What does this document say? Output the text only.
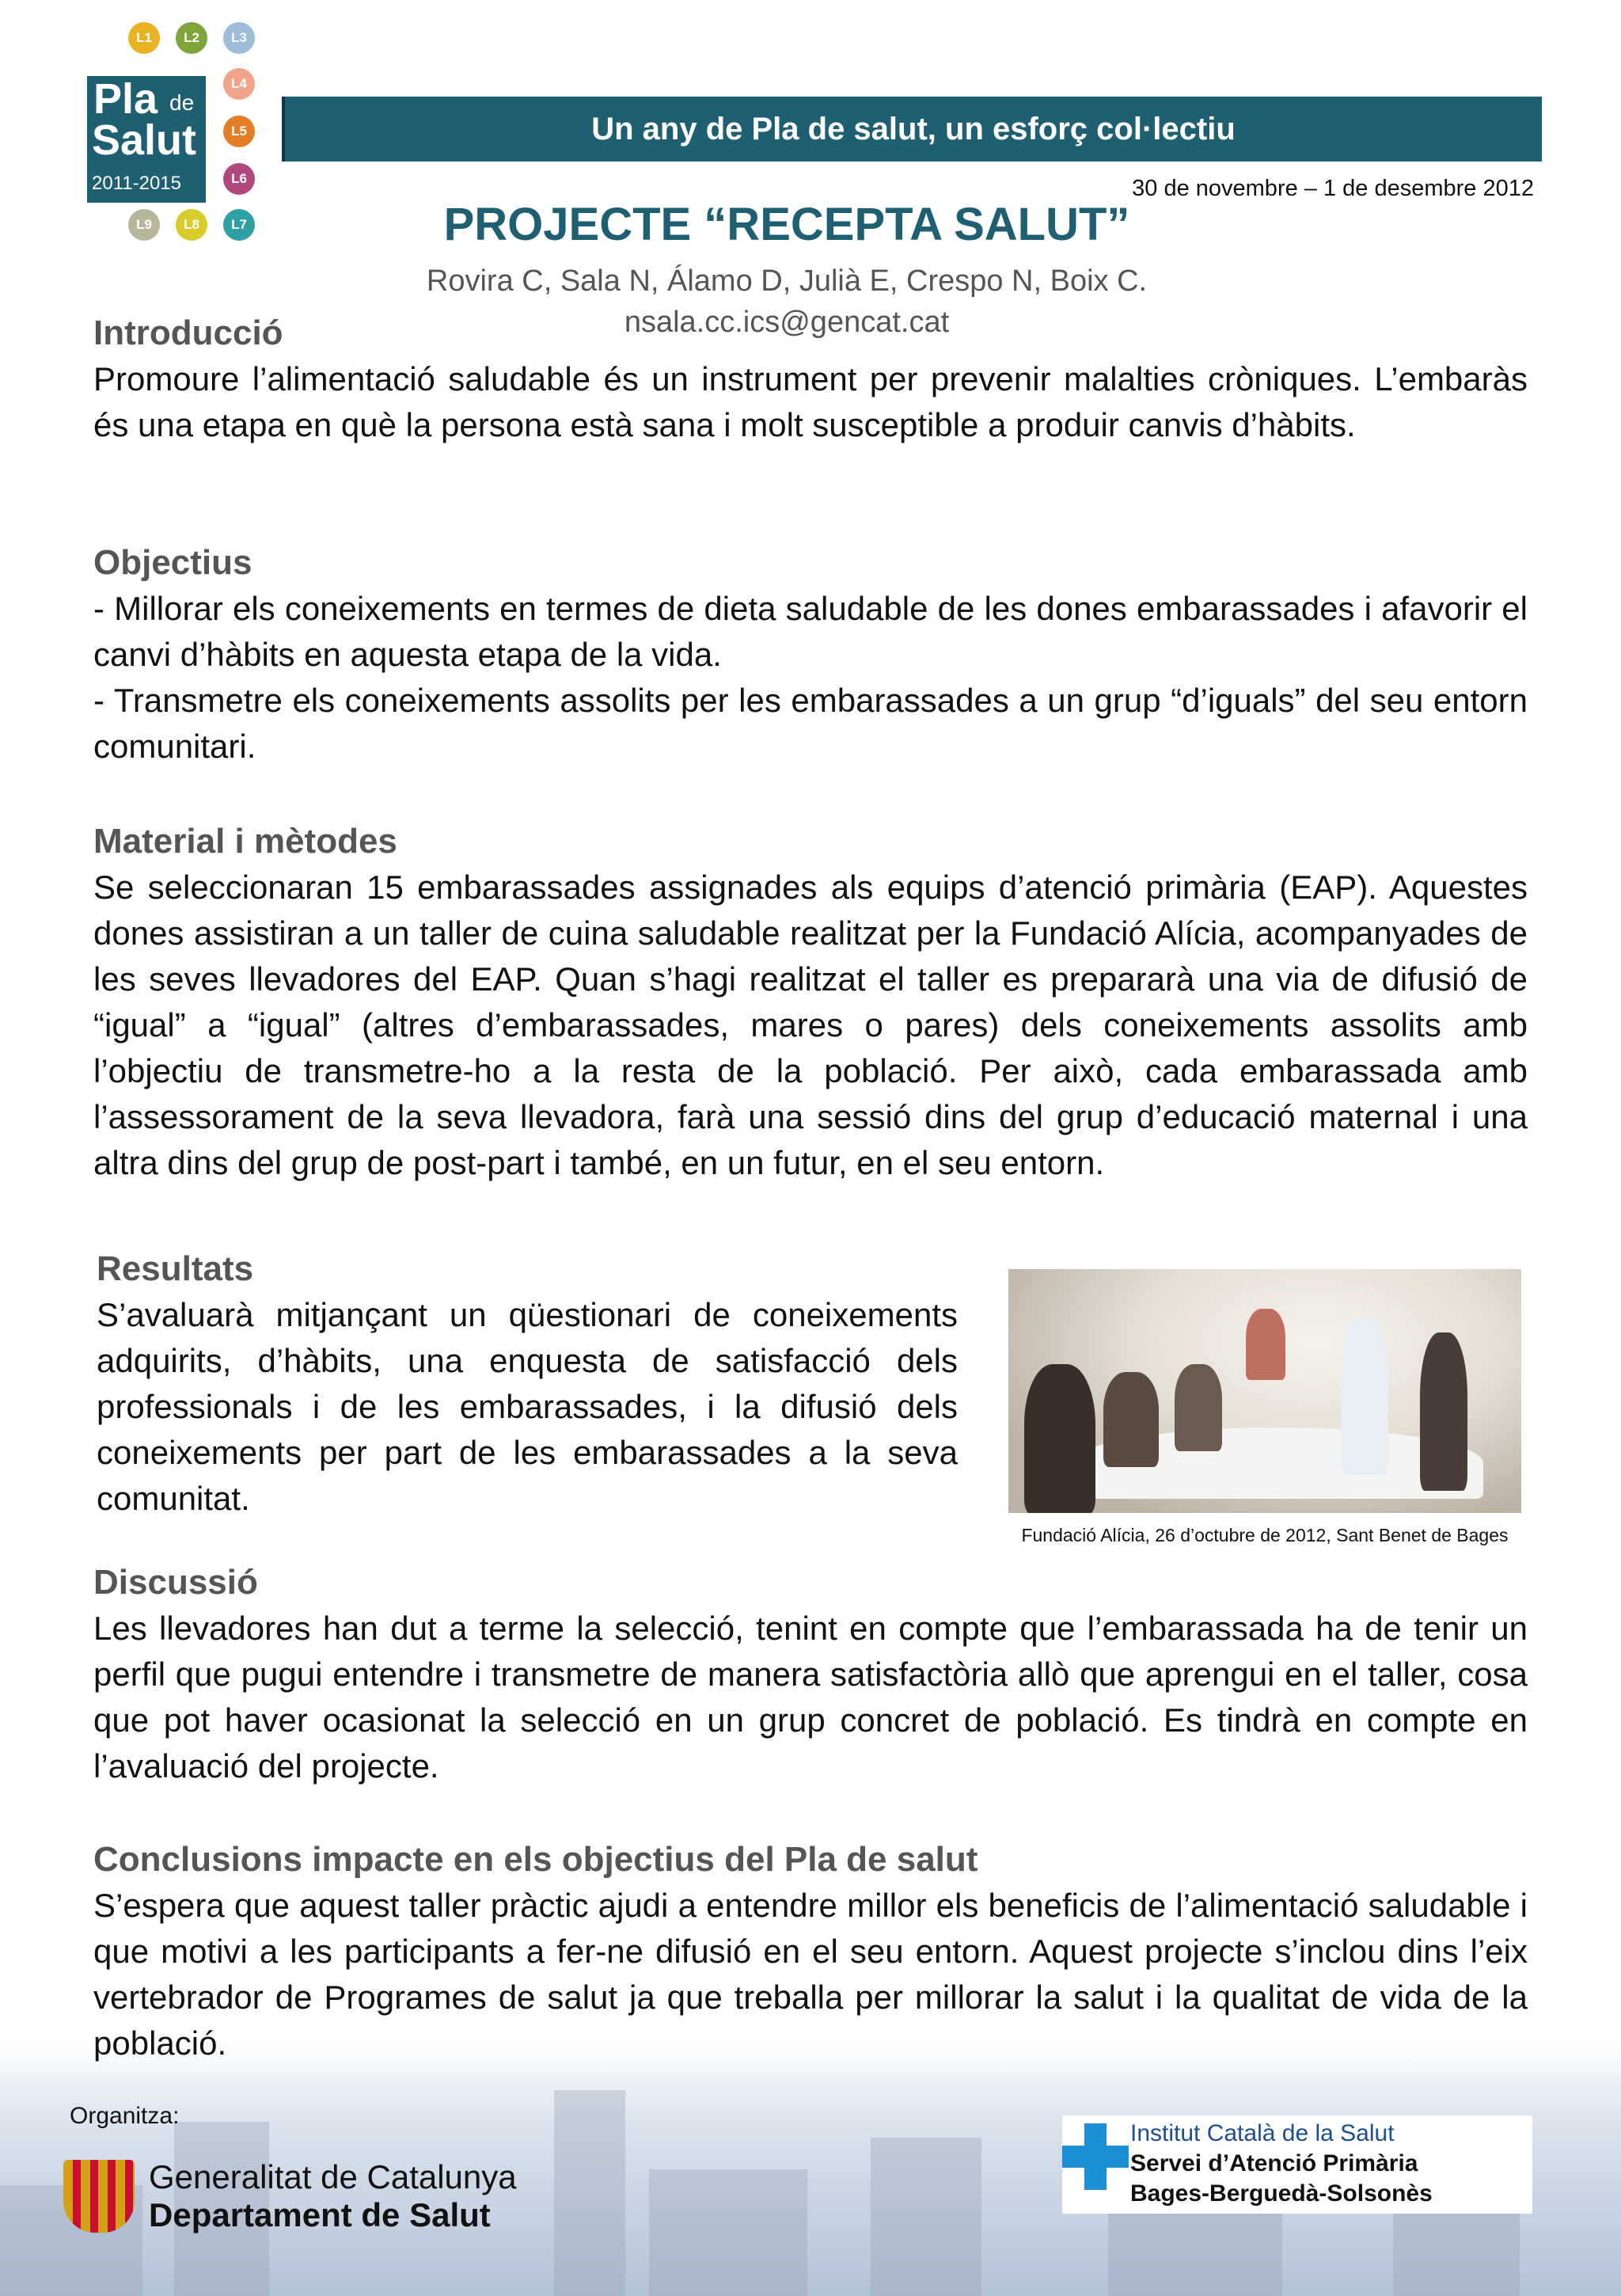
L1	L2	L3
L4
L5
L6
L7
L8
L9
Pla de
Salut
2011-2015
Un any de Pla de salut, un esforç col·lectiu
30 de novembre – 1 de desembre 2012
PROJECTE “RECEPTA SALUT”
Rovira C, Sala N, Álamo D, Julià E, Crespo N, Boix C.
nsala.cc.ics@gencat.cat
Introducció

Promoure l’alimentació saludable és un instrument per prevenir malalties cròniques. L’embaràs és una etapa en què la persona està sana i molt susceptible a produir canvis d’hàbits.

Objectius

- Millorar els coneixements en termes de dieta saludable de les dones embarassades i afavorir el canvi d’hàbits en aquesta etapa de la vida.

- Transmetre els coneixements assolits per les embarassades a un grup “d’iguals” del seu entorn comunitari.

Material i mètodes

Se seleccionaran 15 embarassades assignades als equips d’atenció primària (EAP). Aquestes dones assistiran a un taller de cuina saludable realitzat per la Fundació Alícia, acompanyades de les seves llevadores del EAP. Quan s’hagi realitzat el taller es prepararà una via de difusió de “igual” a “igual” (altres d’embarassades, mares o pares) dels coneixements assolits amb l’objectiu de transmetre-ho a la resta de la població. Per això, cada embarassada amb l’assessorament de la seva llevadora, farà una sessió dins del grup d’educació maternal i una altra dins del grup de post-part i també, en un futur, en el seu entorn.

Resultats

S’avaluarà mitjançant un qüestionari de coneixements adquirits, d’hàbits, una enquesta de satisfacció dels professionals i de les embarassades, i la difusió dels coneixements per part de les embarassades a la seva comunitat.

Fundació Alícia, 26 d’octubre de 2012, Sant Benet de Bages
Discussió

Les llevadores han dut a terme la selecció, tenint en compte que l’embarassada ha de tenir un perfil que pugui entendre i transmetre de manera satisfactòria allò que aprengui en el taller, cosa que pot haver ocasionat la selecció en un grup concret de població. Es tindrà en compte en l’avaluació del projecte.

Conclusions impacte en els objectius del Pla de salut

S’espera que aquest taller pràctic ajudi a entendre millor els beneficis de l’alimentació saludable i que motivi a les participants a fer-ne difusió en el seu entorn. Aquest projecte s’inclou dins l’eix vertebrador de Programes de salut ja que treballa per millorar la salut i la qualitat de vida de la població.

Organitza:
Generalitat de Catalunya
Departament de Salut
Institut Català de la Salut
Servei d’Atenció Primària
Bages-Berguedà-Solsonès
